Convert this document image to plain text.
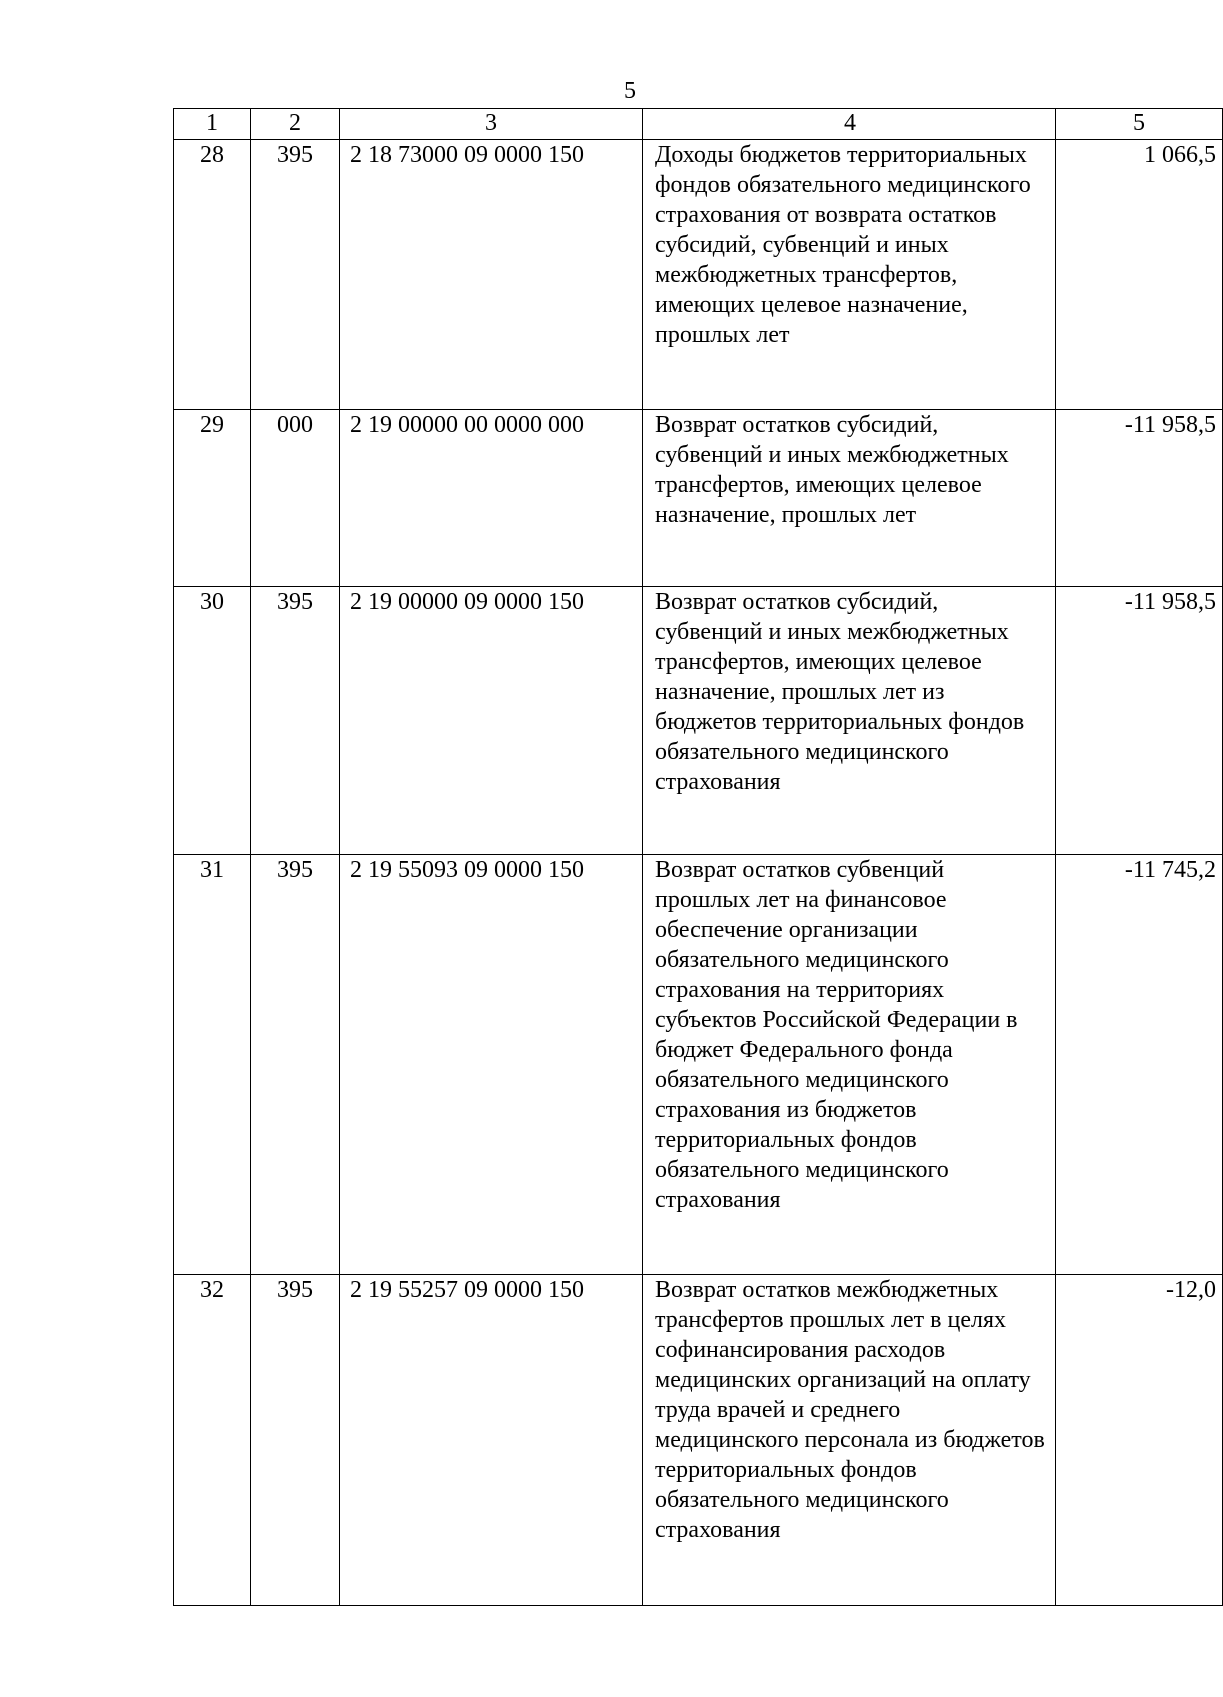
5
1	2	3	4	5
28	395	2 18 73000 09 0000 150	Доходы бюджетов территориальных фондов обязательного медицинского страхования от возврата остатков субсидий, субвенций и иных межбюджетных трансфертов, имеющих целевое назначение, прошлых лет	1 066,5
29	000	2 19 00000 00 0000 000	Возврат остатков субсидий, субвенций и иных межбюджетных трансфертов, имеющих целевое назначение, прошлых лет	-11 958,5
30	395	2 19 00000 09 0000 150	Возврат остатков субсидий, субвенций и иных межбюджетных трансфертов, имеющих целевое назначение, прошлых лет из бюджетов территориальных фондов обязательного медицинского страхования	-11 958,5
31	395	2 19 55093 09 0000 150	Возврат остатков субвенций прошлых лет на финансовое обеспечение организации обязательного медицинского страхования на территориях субъектов Российской Федерации в бюджет Федерального фонда обязательного медицинского страхования из бюджетов территориальных фондов обязательного медицинского страхования	-11 745,2
32	395	2 19 55257 09 0000 150	Возврат остатков межбюджетных трансфертов прошлых лет в целях софинансирования расходов медицинских организаций на оплату труда врачей и среднего медицинского персонала из бюджетов территориальных фондов обязательного медицинского страхования	-12,0
